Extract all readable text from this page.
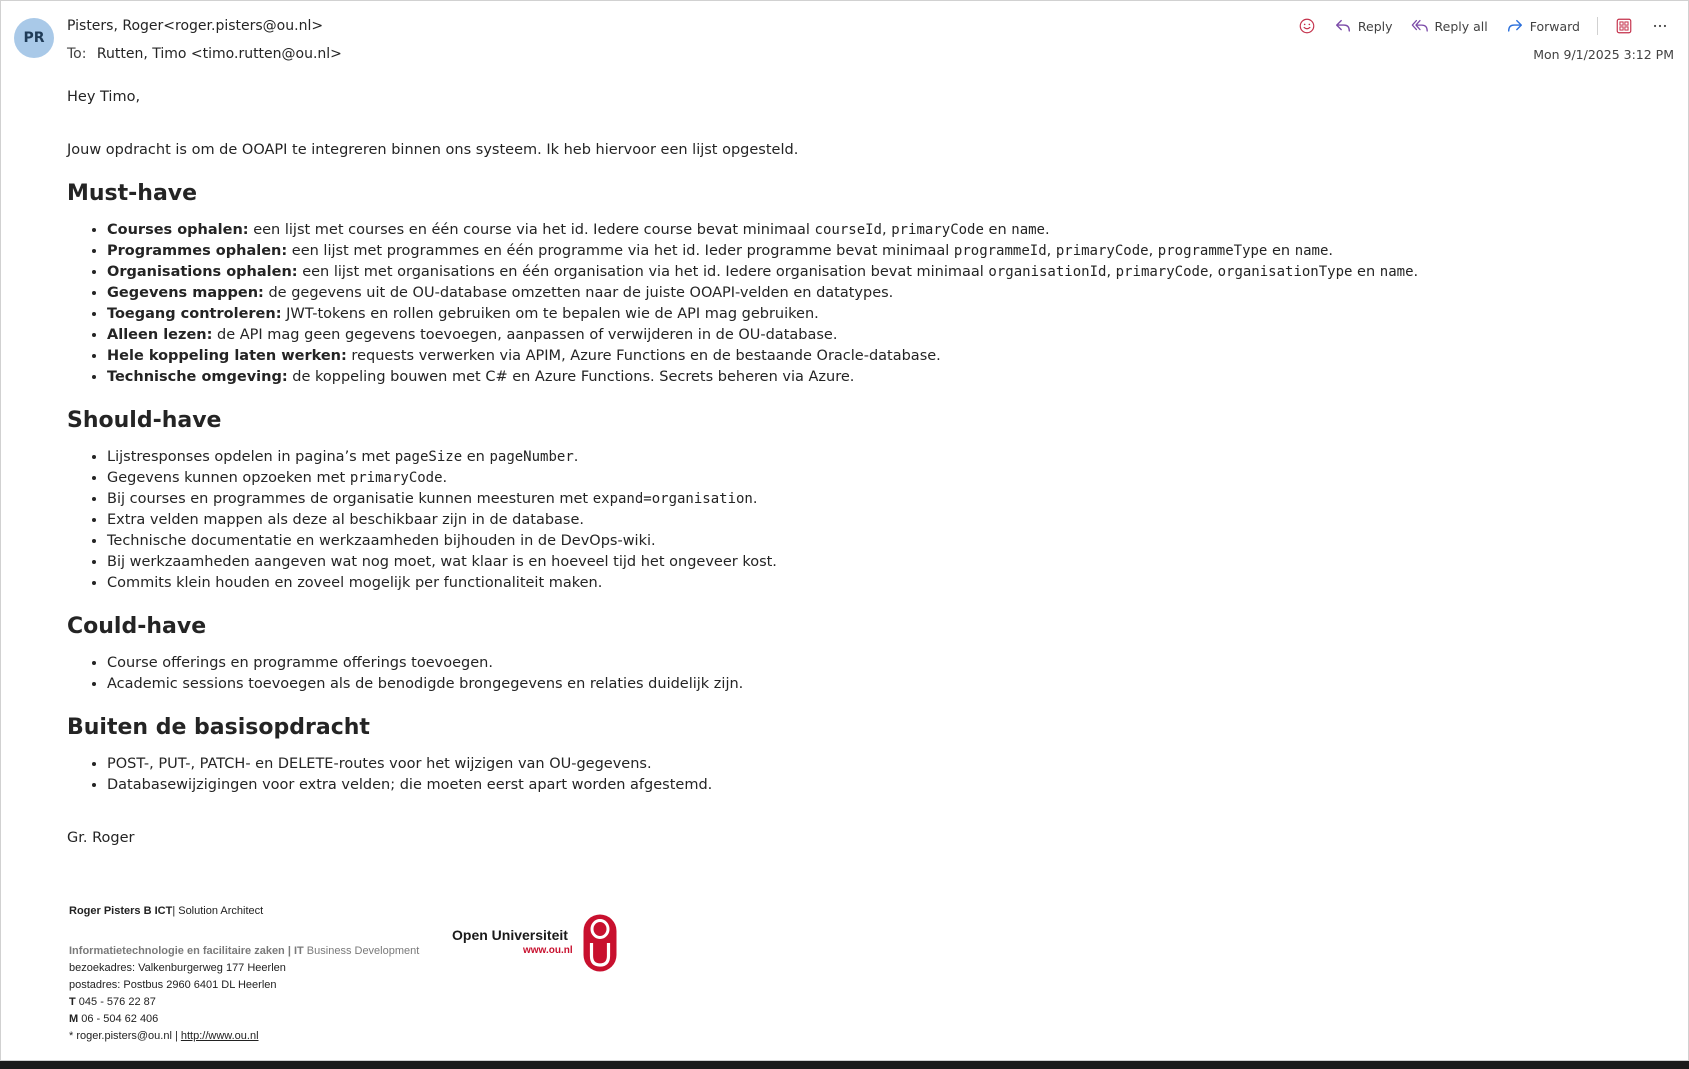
PR
Pisters, Roger<roger.pisters@ou.nl>
To: Rutten, Timo <timo.rutten@ou.nl>
Reply	Reply all	Forward
Mon 9/1/2025 3:12 PM

Hey Timo,

Jouw opdracht is om de OOAPI te integreren binnen ons systeem. Ik heb hiervoor een lijst opgesteld.

Must-have
• Courses ophalen: een lijst met courses en één course via het id. Iedere course bevat minimaal courseId, primaryCode en name.
• Programmes ophalen: een lijst met programmes en één programme via het id. Ieder programme bevat minimaal programmeId, primaryCode, programmeType en name.
• Organisations ophalen: een lijst met organisations en één organisation via het id. Iedere organisation bevat minimaal organisationId, primaryCode, organisationType en name.
• Gegevens mappen: de gegevens uit de OU-database omzetten naar de juiste OOAPI-velden en datatypes.
• Toegang controleren: JWT-tokens en rollen gebruiken om te bepalen wie de API mag gebruiken.
• Alleen lezen: de API mag geen gegevens toevoegen, aanpassen of verwijderen in de OU-database.
• Hele koppeling laten werken: requests verwerken via APIM, Azure Functions en de bestaande Oracle-database.
• Technische omgeving: de koppeling bouwen met C# en Azure Functions. Secrets beheren via Azure.
Should-have
• Lijstresponses opdelen in pagina’s met pageSize en pageNumber.
• Gegevens kunnen opzoeken met primaryCode.
• Bij courses en programmes de organisatie kunnen meesturen met expand=organisation.
• Extra velden mappen als deze al beschikbaar zijn in de database.
• Technische documentatie en werkzaamheden bijhouden in de DevOps-wiki.
• Bij werkzaamheden aangeven wat nog moet, wat klaar is en hoeveel tijd het ongeveer kost.
• Commits klein houden en zoveel mogelijk per functionaliteit maken.
Could-have
• Course offerings en programme offerings toevoegen.
• Academic sessions toevoegen als de benodigde brongegevens en relaties duidelijk zijn.
Buiten de basisopdracht
• POST-, PUT-, PATCH- en DELETE-routes voor het wijzigen van OU-gegevens.
• Databasewijzigingen voor extra velden; die moeten eerst apart worden afgestemd.

Gr. Roger

Roger Pisters B ICT| Solution Architect
Informatietechnologie en facilitaire zaken | IT Business Development
bezoekadres: Valkenburgerweg 177 Heerlen
postadres: Postbus 2960 6401 DL Heerlen
T 045 - 576 22 87
M 06 - 504 62 406
* roger.pisters@ou.nl | http://www.ou.nl
Open Universiteit
www.ou.nl
